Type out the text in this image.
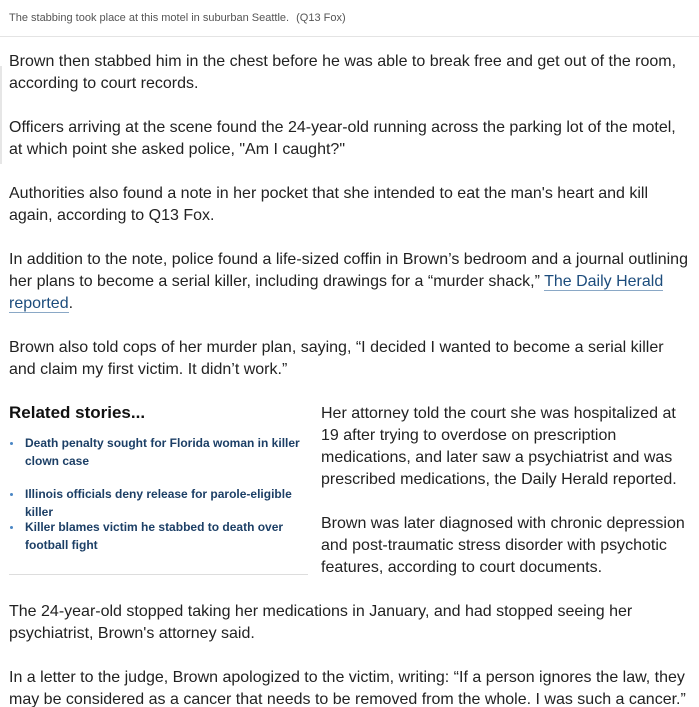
The stabbing took place at this motel in suburban Seattle. (Q13 Fox)

Brown then stabbed him in the chest before he was able to break free and get out of the room, according to court records.

Officers arriving at the scene found the 24-year-old running across the parking lot of the motel, at which point she asked police, "Am I caught?"

Authorities also found a note in her pocket that she intended to eat the man's heart and kill again, according to Q13 Fox.

In addition to the note, police found a life-sized coffin in Brown’s bedroom and a journal outlining her plans to become a serial killer, including drawings for a “murder shack,” The Daily Herald reported.

Brown also told cops of her murder plan, saying, “I decided I wanted to become a serial killer and claim my first victim. It didn’t work.”

Related stories...
Death penalty sought for Florida woman in killer clown case
Illinois officials deny release for parole-eligible killer
Killer blames victim he stabbed to death over football fight

Her attorney told the court she was hospitalized at 19 after trying to overdose on prescription medications, and later saw a psychiatrist and was prescribed medications, the Daily Herald reported.

Brown was later diagnosed with chronic depression and post-traumatic stress disorder with psychotic features, according to court documents.

The 24-year-old stopped taking her medications in January, and had stopped seeing her psychiatrist, Brown's attorney said.

In a letter to the judge, Brown apologized to the victim, writing: “If a person ignores the law, they may be considered as a cancer that needs to be removed from the whole. I was such a cancer.”
